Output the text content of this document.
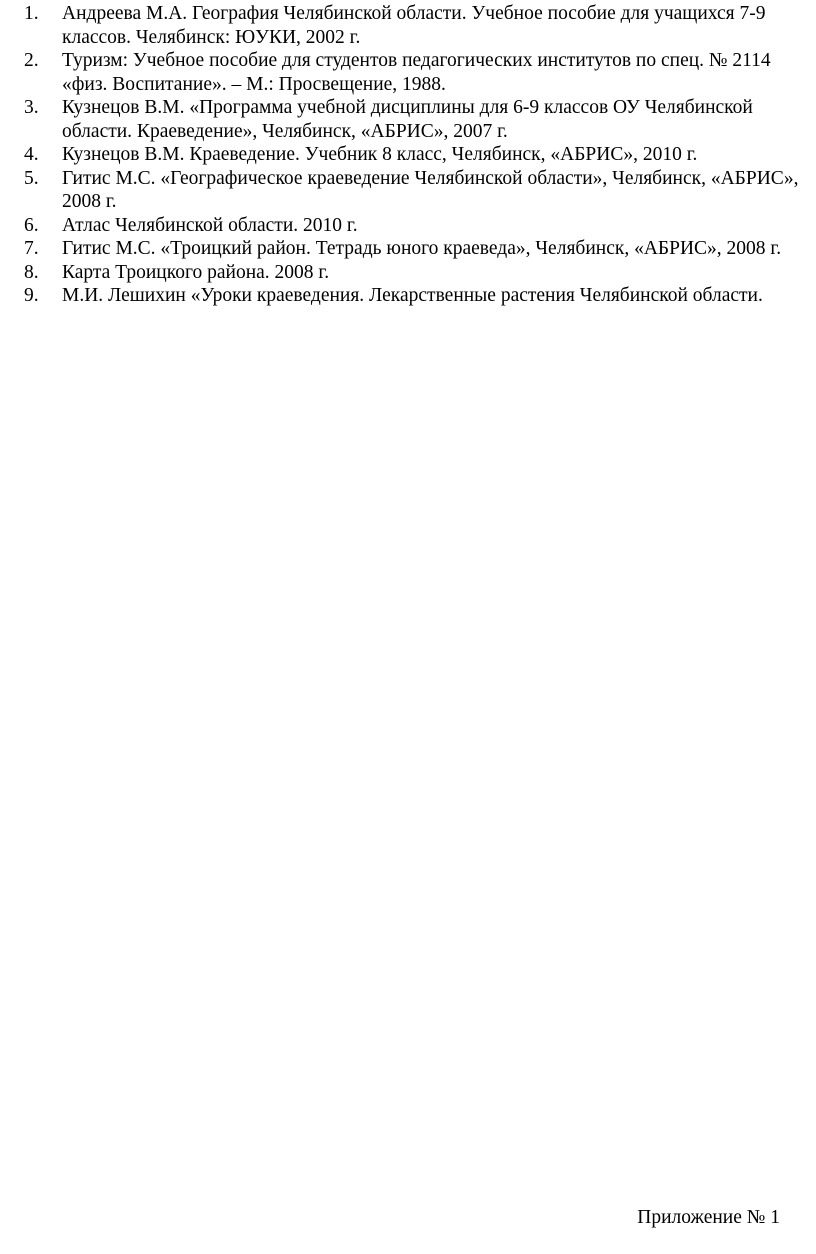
1. Андреева М.А. География Челябинской области. Учебное пособие для учащихся 7-9 классов. Челябинск: ЮУКИ, 2002 г.
2. Туризм: Учебное пособие для студентов педагогических институтов по спец. № 2114 «физ. Воспитание». – М.: Просвещение, 1988.
3. Кузнецов В.М. «Программа учебной дисциплины для 6-9 классов ОУ Челябинской области. Краеведение», Челябинск, «АБРИС», 2007 г.
4. Кузнецов В.М. Краеведение. Учебник 8 класс, Челябинск, «АБРИС», 2010 г.
5. Гитис М.С. «Географическое краеведение Челябинской области», Челябинск, «АБРИС», 2008 г.
6. Атлас Челябинской области. 2010 г.
7. Гитис М.С. «Троицкий район. Тетрадь юного краеведа», Челябинск, «АБРИС», 2008 г.
8. Карта Троицкого района. 2008 г.
9. М.И. Лешихин «Уроки краеведения. Лекарственные растения Челябинской области.
Приложение № 1
